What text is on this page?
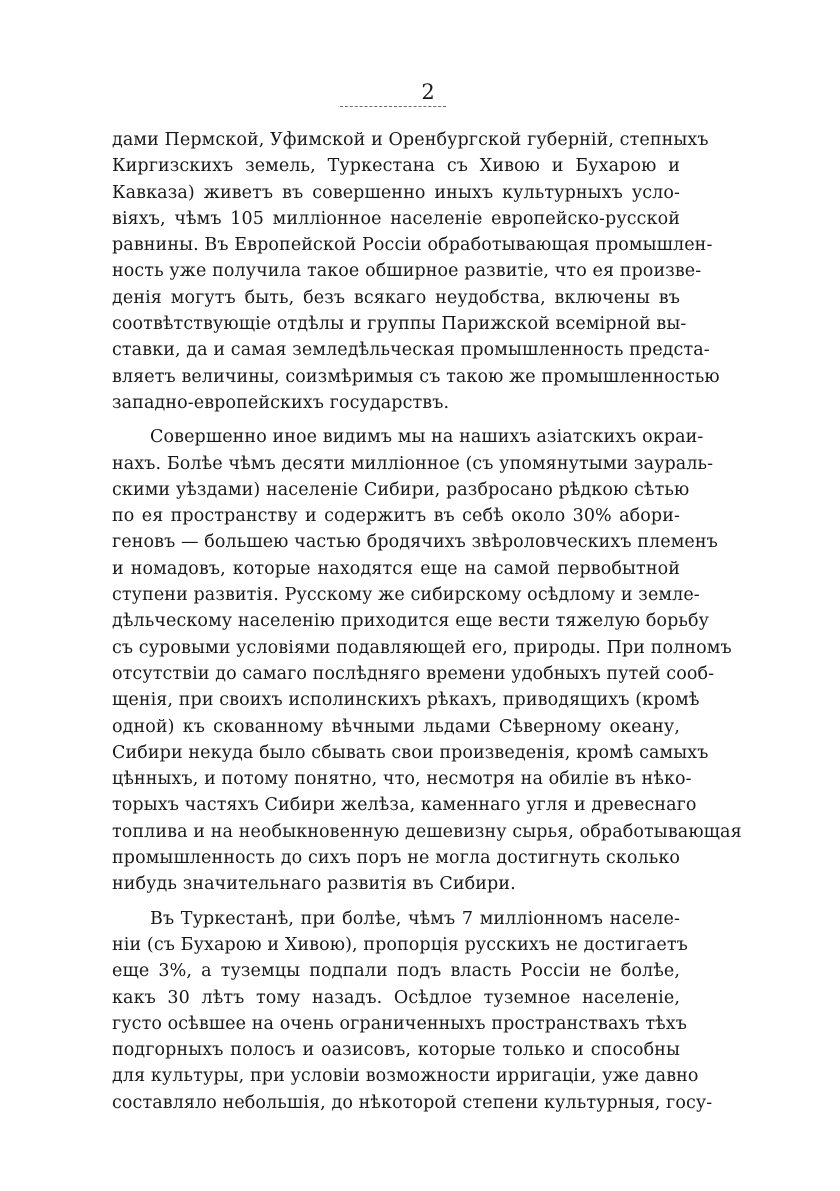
2
дами Пермской, Уфимской и Оренбургской губерній, степныхъ
Киргизскихъ земель, Туркестана съ Хивою и Бухарою и
Кавказа) живетъ въ совершенно иныхъ культурныхъ усло-
віяхъ, чѣмъ 105 милліонное населеніе европейско-русской
равнины. Въ Европейской Россіи обработывающая промышлен-
ность уже получила такое обширное развитіе, что ея произве-
денія могутъ быть, безъ всякаго неудобства, включены въ
соотвѣтствующіе отдѣлы и группы Парижской всемірной вы-
ставки, да и самая земледѣльческая промышленность предста-
вляетъ величины, соизмѣримыя съ такою же промышленностью
западно-европейскихъ государствъ.
Совершенно иное видимъ мы на нашихъ азіатскихъ окраи-
нахъ. Болѣе чѣмъ десяти милліонное (съ упомянутыми заураль-
скими уѣздами) населеніе Сибири, разбросано рѣдкою сѣтью
по ея пространству и содержитъ въ себѣ около 30% абори-
геновъ — большею частью бродячихъ звѣроловческихъ племенъ
и номадовъ, которые находятся еще на самой первобытной
ступени развитія. Русскому же сибирскому осѣдлому и земле-
дѣльческому населенію приходится еще вести тяжелую борьбу
съ суровыми условіями подавляющей его, природы. При полномъ
отсутствіи до самаго послѣдняго времени удобныхъ путей сооб-
щенія, при своихъ исполинскихъ рѣкахъ, приводящихъ (кромѣ
одной) къ скованному вѣчными льдами Сѣверному океану,
Сибири некуда было сбывать свои произведенія, кромѣ самыхъ
цѣнныхъ, и потому понятно, что, несмотря на обиліе въ нѣко-
торыхъ частяхъ Сибири желѣза, каменнаго угля и древеснаго
топлива и на необыкновенную дешевизну сырья, обработывающая
промышленность до сихъ поръ не могла достигнуть сколько
нибудь значительнаго развитія въ Сибири.
Въ Туркестанѣ, при болѣе, чѣмъ 7 милліонномъ населе-
ніи (съ Бухарою и Хивою), пропорція русскихъ не достигаетъ
еще 3%, а туземцы подпали подъ власть Россіи не болѣе,
какъ 30 лѣтъ тому назадъ. Осѣдлое туземное населеніе,
густо осѣвшее на очень ограниченныхъ пространствахъ тѣхъ
подгорныхъ полосъ и оазисовъ, которые только и способны
для культуры, при условіи возможности ирригаціи, уже давно
составляло небольшія, до нѣкоторой степени культурныя, госу-
